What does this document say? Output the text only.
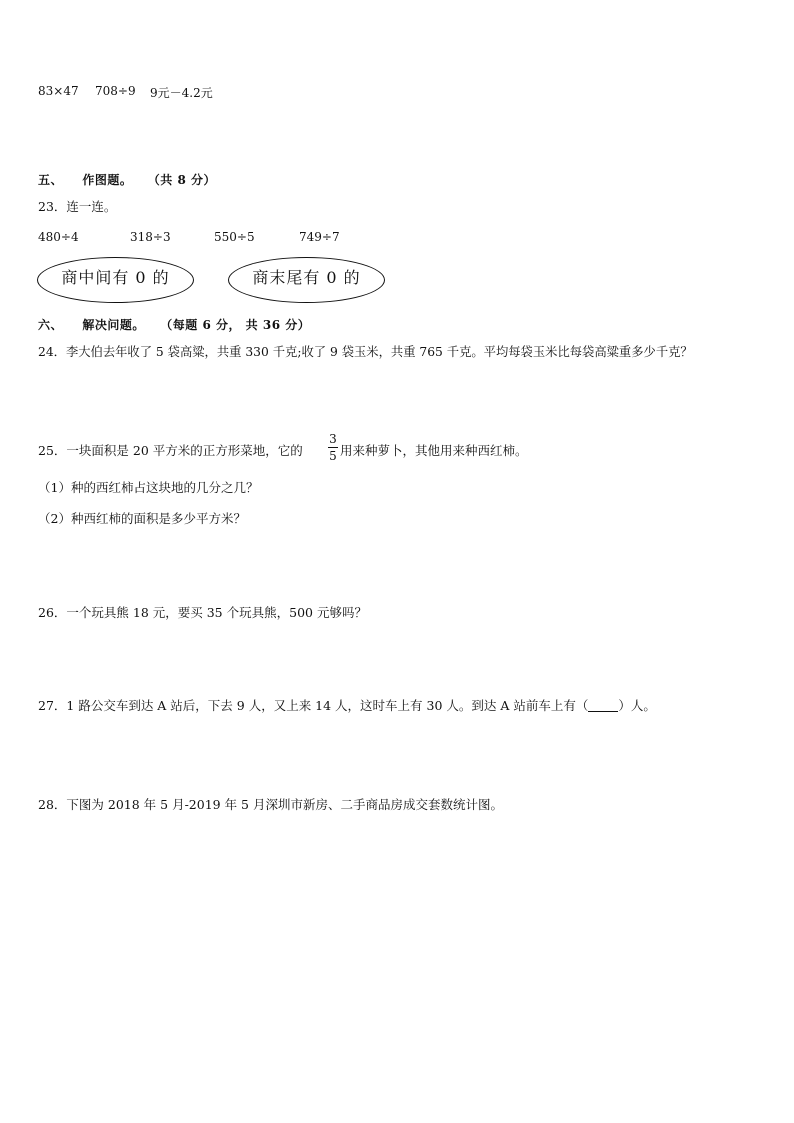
83×47 708÷9 9元－4.2元
五、 作图题。 （共 8 分）
23．连一连。
480÷4	318÷3	550÷5	749÷7
商中间有 0 的	商末尾有 0 的
六、 解决问题。 （每题 6 分， 共 36 分）
24．李大伯去年收了 5 袋高粱，共重 330 千克;收了 9 袋玉米，共重 765 千克。平均每袋玉米比每袋高粱重多少千克？
25．一块面积是 20 平方米的正方形菜地，它的
3
5 用来种萝卜，其他用来种西红柿。
（1）种的西红柿占这块地的几分之几？
（2）种西红柿的面积是多少平方米？
26．一个玩具熊 18 元，要买 35 个玩具熊，500 元够吗？
27．1 路公交车到达 A 站后，下去 9 人，又上来 14 人，这时车上有 30 人。到达 A 站前车上有（ ）人。
28．下图为 2018 年 5 月-2019 年 5 月深圳市新房、二手商品房成交套数统计图。
